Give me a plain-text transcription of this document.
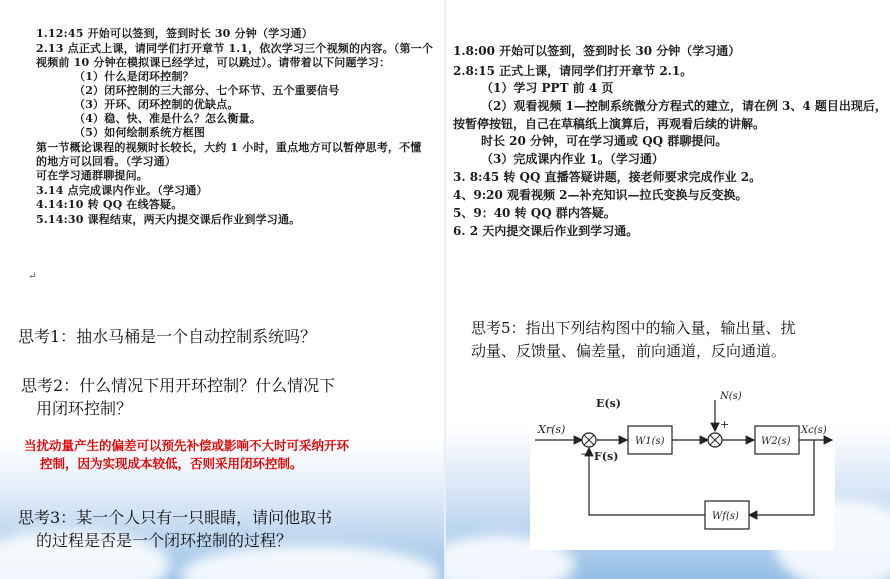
1.12:45 开始可以签到，签到时长 30 分钟（学习通）
2.13 点正式上课，请同学们打开章节 1.1，依次学习三个视频的内容。（第一个
视频前 10 分钟在模拟课已经学过，可以跳过）。请带着以下问题学习：
（1）什么是闭环控制？
（2）闭环控制的三大部分、七个环节、五个重要信号
（3）开环、闭环控制的优缺点。
（4）稳、快、准是什么？怎么衡量。
（5）如何绘制系统方框图
第一节概论课程的视频时长较长，大约 1 小时，重点地方可以暂停思考，不懂
的地方可以回看。（学习通）
可在学习通群聊提问。
3.14 点完成课内作业。（学习通）
4.14:10 转 QQ 在线答疑。
5.14:30 课程结束，两天内提交课后作业到学习通。
↵
1.8:00 开始可以签到，签到时长 30 分钟（学习通）
2.8:15 正式上课，请同学们打开章节 2.1。
（1）学习 PPT 前 4 页
（2）观看视频 1—控制系统微分方程式的建立，请在例 3、4 题目出现后，
按暂停按钮，自己在草稿纸上演算后，再观看后续的讲解。
时长 20 分钟，可在学习通或 QQ 群聊提问。
（3）完成课内作业 1。（学习通）
3. 8:45 转 QQ 直播答疑讲题，接老师要求完成作业 2。
4、9:20 观看视频 2—补充知识—拉氏变换与反变换。
5、9：40 转 QQ 群内答疑。
6. 2 天内提交课后作业到学习通。
思考1：抽水马桶是一个自动控制系统吗？
思考2：什么情况下用开环控制？什么情况下
用闭环控制？
当扰动量产生的偏差可以预先补偿或影响不大时可采纳开环
控制，因为实现成本较低，否则采用闭环控制。
思考3：某一个人只有一只眼睛，请问他取书
的过程是否是一个闭环控制的过程？
思考5：指出下列结构图中的输入量，输出量、扰
动量、反馈量、偏差量，前向通道，反向通道。
Xr(s)
−
E(s)
W1(s)
N(s)
+
W2(s)
Xc(s)
Wf(s)
F(s)
